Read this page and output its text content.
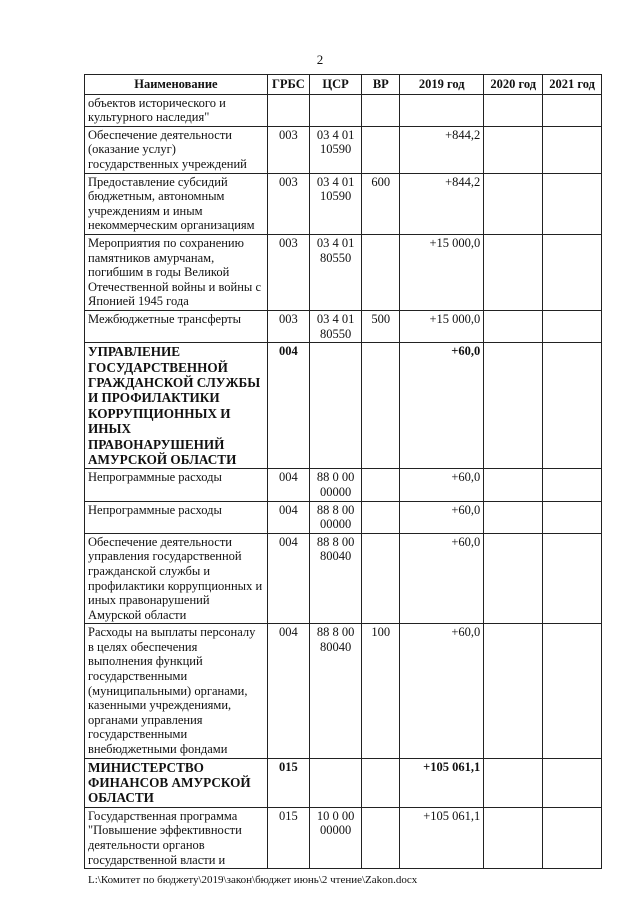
2
Наименование	ГРБС	ЦСР	ВР	2019 год	2020 год	2021 год
объектов исторического и культурного наследия"						
Обеспечение деятельности (оказание услуг) государственных учреждений	003	03 4 01 10590		+844,2		
Предоставление субсидий бюджетным, автономным учреждениям и иным некоммерческим организациям	003	03 4 01 10590	600	+844,2		
Мероприятия по сохранению памятников амурчанам, погибшим в годы Великой Отечественной войны и войны с Японией 1945 года	003	03 4 01 80550		+15 000,0		
Межбюджетные трансферты	003	03 4 01 80550	500	+15 000,0		
УПРАВЛЕНИЕ ГОСУДАРСТВЕННОЙ ГРАЖДАНСКОЙ СЛУЖБЫ И ПРОФИЛАКТИКИ КОРРУПЦИОННЫХ И ИНЫХ ПРАВОНАРУШЕНИЙ АМУРСКОЙ ОБЛАСТИ	004			+60,0		
Непрограммные расходы	004	88 0 00 00000		+60,0		
Непрограммные расходы	004	88 8 00 00000		+60,0		
Обеспечение деятельности управления государственной гражданской службы и профилактики коррупционных и иных правонарушений Амурской области	004	88 8 00 80040		+60,0		
Расходы на выплаты персоналу в целях обеспечения выполнения функций государственными (муниципальными) органами, казенными учреждениями, органами управления государственными внебюджетными фондами	004	88 8 00 80040	100	+60,0		
МИНИСТЕРСТВО ФИНАНСОВ АМУРСКОЙ ОБЛАСТИ	015			+105 061,1		
Государственная программа "Повышение эффективности деятельности органов государственной власти и	015	10 0 00 00000		+105 061,1		
L:\Комитет по бюджету\2019\закон\бюджет июнь\2 чтение\Zakon.docx
